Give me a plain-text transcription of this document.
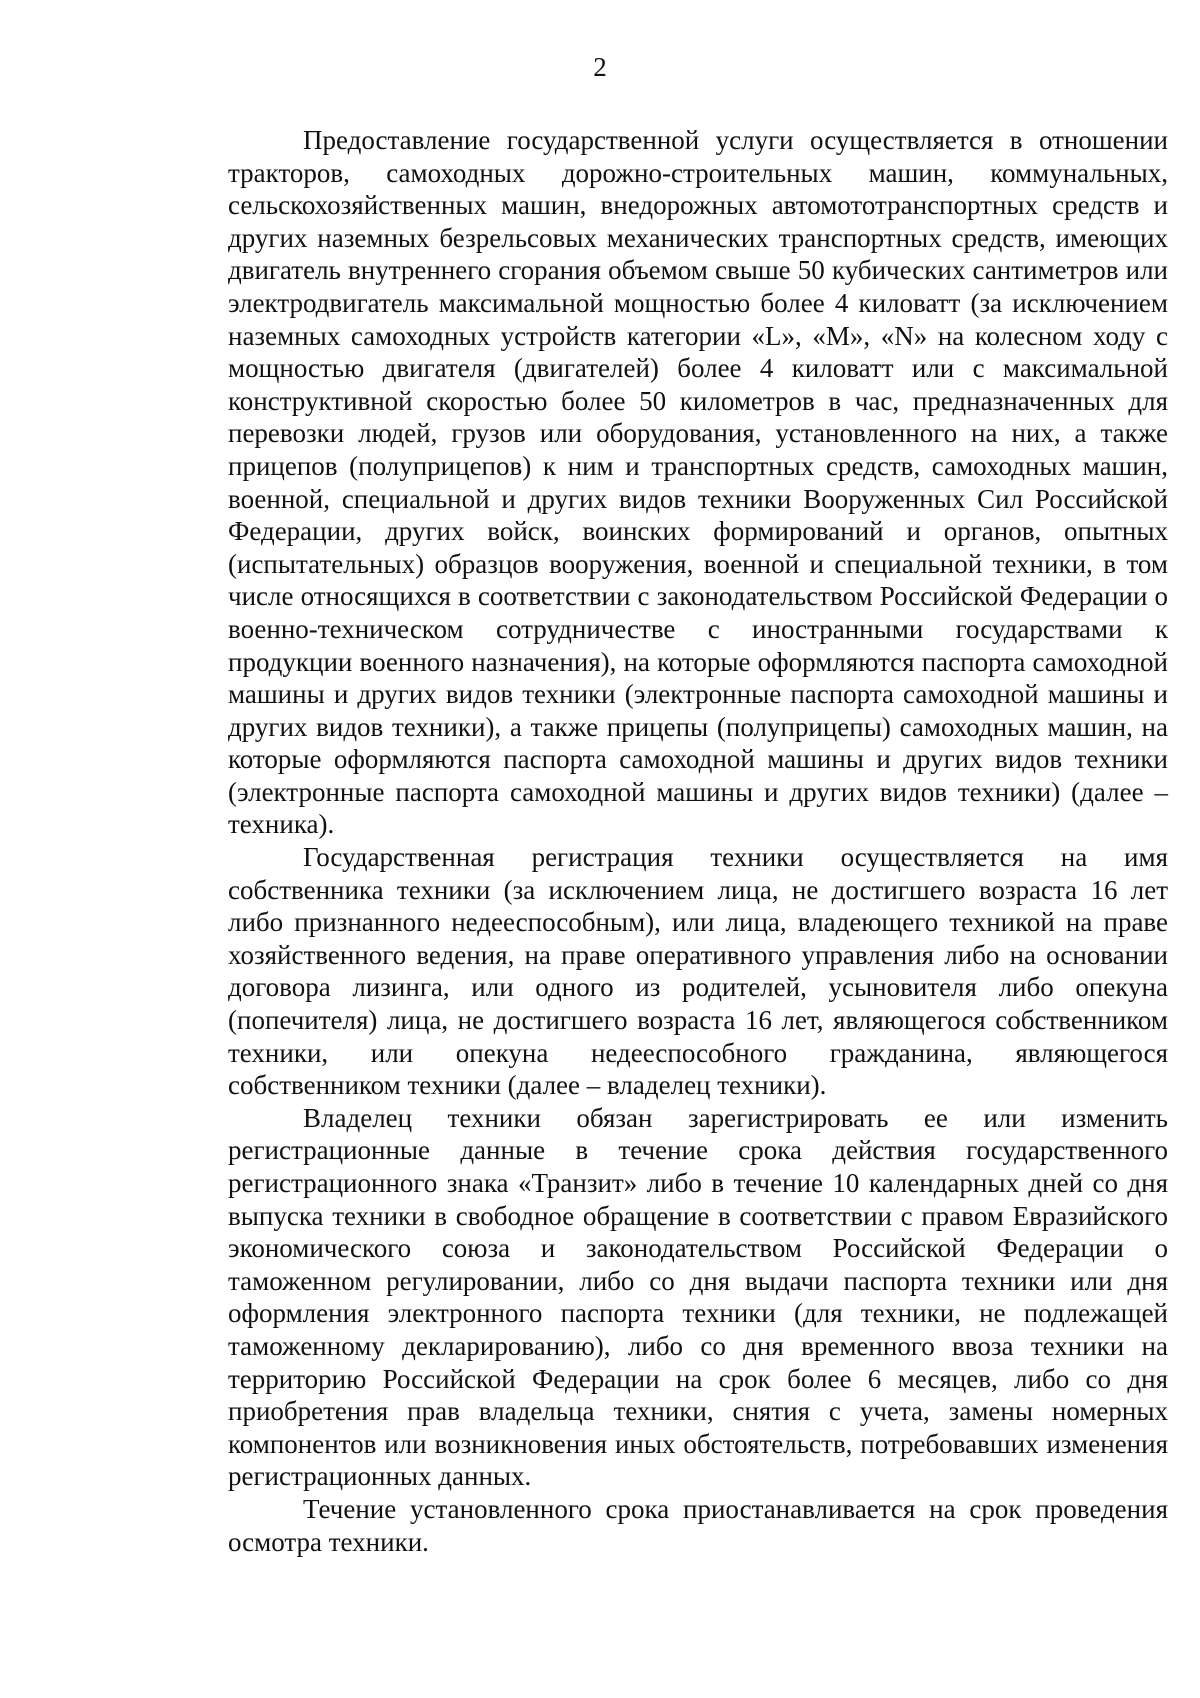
2

Предоставление государственной услуги осуществляется в отношении тракторов, самоходных дорожно-строительных машин, коммунальных, сельскохозяйственных машин, внедорожных автомототранспортных средств и других наземных безрельсовых механических транспортных средств, имеющих двигатель внутреннего сгорания объемом свыше 50 кубических сантиметров или электродвигатель максимальной мощностью более 4 киловатт (за исключением наземных самоходных устройств категории «L», «М», «N» на колесном ходу с мощностью двигателя (двигателей) более 4 киловатт или с максимальной конструктивной скоростью более 50 километров в час, предназначенных для перевозки людей, грузов или оборудования, установленного на них, а также прицепов (полуприцепов) к ним и транспортных средств, самоходных машин, военной, специальной и других видов техники Вооруженных Сил Российской Федерации, других войск, воинских формирований и органов, опытных (испытательных) образцов вооружения, военной и специальной техники, в том числе относящихся в соответствии с законодательством Российской Федерации о военно-техническом сотрудничестве с иностранными государствами к продукции военного назначения), на которые оформляются паспорта самоходной машины и других видов техники (электронные паспорта самоходной машины и других видов техники), а также прицепы (полуприцепы) самоходных машин, на которые оформляются паспорта самоходной машины и других видов техники (электронные паспорта самоходной машины и других видов техники) (далее – техника).

Государственная регистрация техники осуществляется на имя собственника техники (за исключением лица, не достигшего возраста 16 лет либо признанного недееспособным), или лица, владеющего техникой на праве хозяйственного ведения, на праве оперативного управления либо на основании договора лизинга, или одного из родителей, усыновителя либо опекуна (попечителя) лица, не достигшего возраста 16 лет, являющегося собственником техники, или опекуна недееспособного гражданина, являющегося собственником техники (далее – владелец техники).

Владелец техники обязан зарегистрировать ее или изменить регистрационные данные в течение срока действия государственного регистрационного знака «Транзит» либо в течение 10 календарных дней со дня выпуска техники в свободное обращение в соответствии с правом Евразийского экономического союза и законодательством Российской Федерации о таможенном регулировании, либо со дня выдачи паспорта техники или дня оформления электронного паспорта техники (для техники, не подлежащей таможенному декларированию), либо со дня временного ввоза техники на территорию Российской Федерации на срок более 6 месяцев, либо со дня приобретения прав владельца техники, снятия с учета, замены номерных компонентов или возникновения иных обстоятельств, потребовавших изменения регистрационных данных.

Течение установленного срока приостанавливается на срок проведения осмотра техники.
